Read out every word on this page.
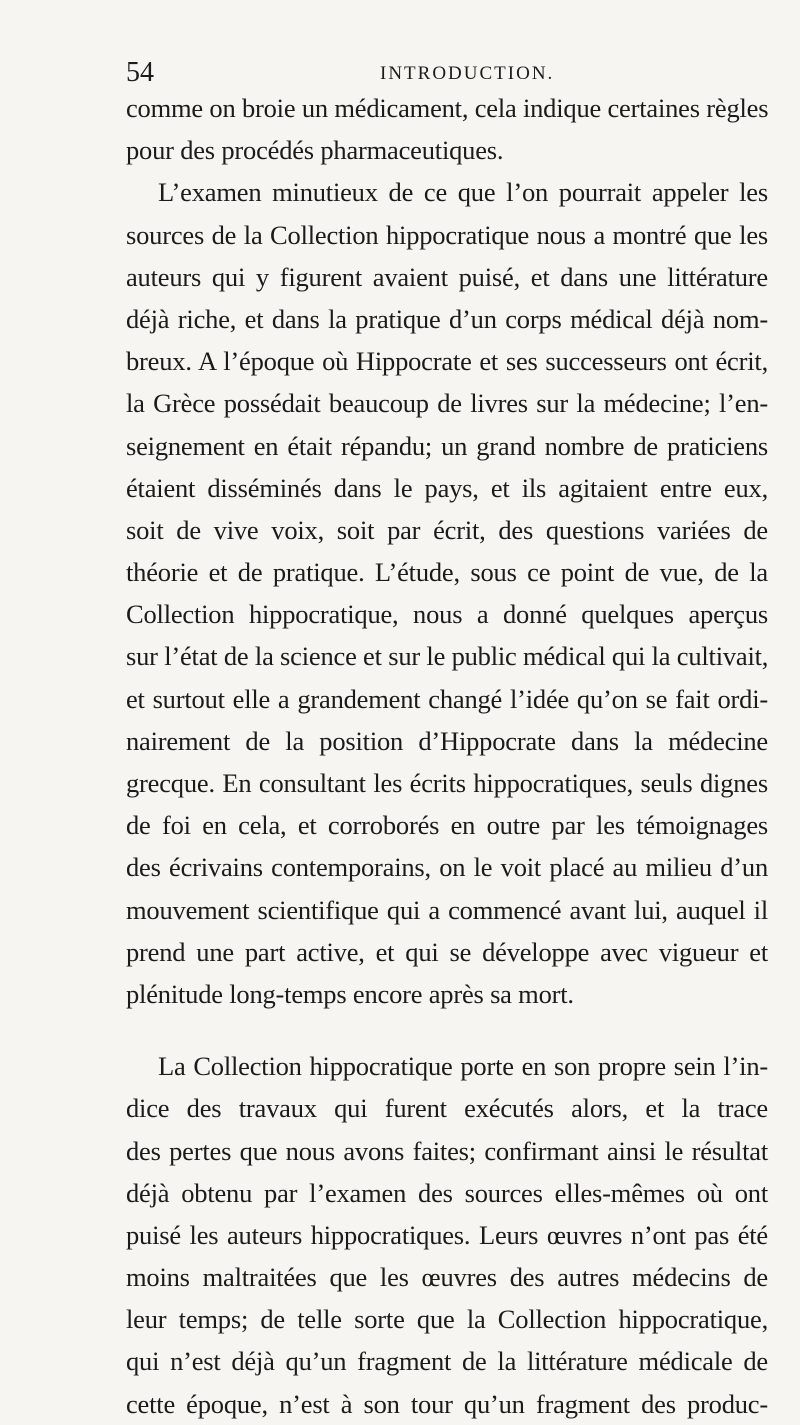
54	INTRODUCTION.
comme on broie un médicament, cela indique certaines règles
pour des procédés pharmaceutiques.
L’examen minutieux de ce que l’on pourrait appeler les
sources de la Collection hippocratique nous a montré que les
auteurs qui y figurent avaient puisé, et dans une littérature
déjà riche, et dans la pratique d’un corps médical déjà nom-
breux. A l’époque où Hippocrate et ses successeurs ont écrit,
la Grèce possédait beaucoup de livres sur la médecine; l’en-
seignement en était répandu; un grand nombre de praticiens
étaient disséminés dans le pays, et ils agitaient entre eux,
soit de vive voix, soit par écrit, des questions variées de
théorie et de pratique. L’étude, sous ce point de vue, de la
Collection hippocratique, nous a donné quelques aperçus
sur l’état de la science et sur le public médical qui la cultivait,
et surtout elle a grandement changé l’idée qu’on se fait ordi-
nairement de la position d’Hippocrate dans la médecine
grecque. En consultant les écrits hippocratiques, seuls dignes
de foi en cela, et corroborés en outre par les témoignages
des écrivains contemporains, on le voit placé au milieu d’un
mouvement scientifique qui a commencé avant lui, auquel il
prend une part active, et qui se développe avec vigueur et
plénitude long-temps encore après sa mort.
La Collection hippocratique porte en son propre sein l’in-
dice des travaux qui furent exécutés alors, et la trace
des pertes que nous avons faites; confirmant ainsi le résultat
déjà obtenu par l’examen des sources elles-mêmes où ont
puisé les auteurs hippocratiques. Leurs œuvres n’ont pas été
moins maltraitées que les œuvres des autres médecins de
leur temps; de telle sorte que la Collection hippocratique,
qui n’est déjà qu’un fragment de la littérature médicale de
cette époque, n’est à son tour qu’un fragment des produc-
